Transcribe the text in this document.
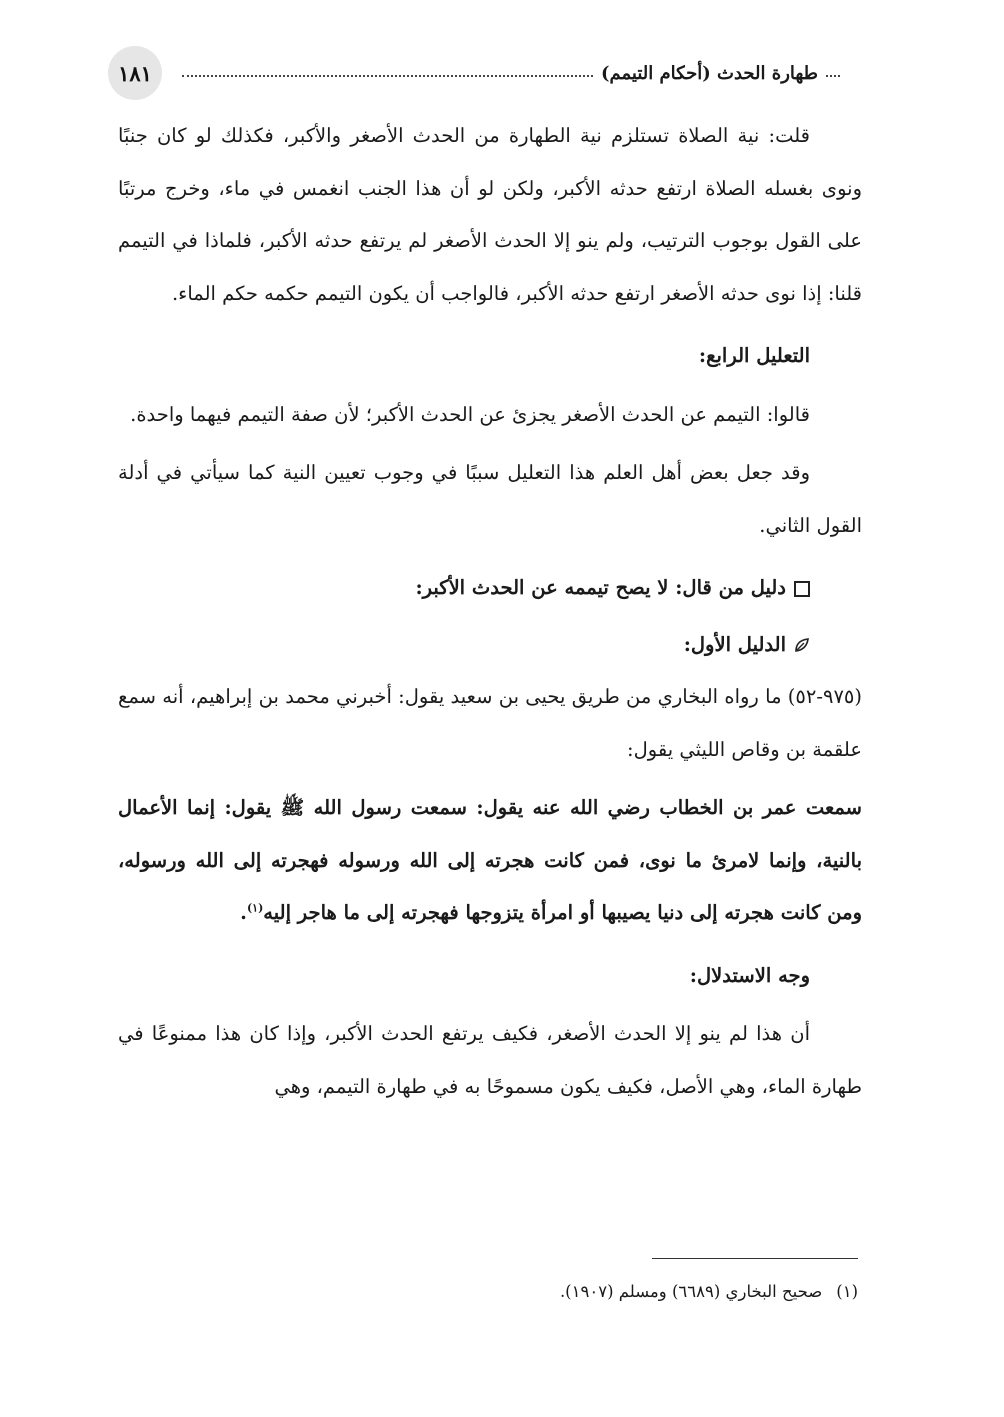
١٨١	طهارة الحدث (أحكام التيمم)

قلت: نية الصلاة تستلزم نية الطهارة من الحدث الأصغر والأكبر، فكذلك لو كان جنبًا ونوى بغسله الصلاة ارتفع حدثه الأكبر، ولكن لو أن هذا الجنب انغمس في ماء، وخرج مرتبًا على القول بوجوب الترتيب، ولم ينو إلا الحدث الأصغر لم يرتفع حدثه الأكبر، فلماذا في التيمم قلنا: إذا نوى حدثه الأصغر ارتفع حدثه الأكبر، فالواجب أن يكون التيمم حكمه حكم الماء.

التعليل الرابع:

قالوا: التيمم عن الحدث الأصغر يجزئ عن الحدث الأكبر؛ لأن صفة التيمم فيهما واحدة.

وقد جعل بعض أهل العلم هذا التعليل سببًا في وجوب تعيين النية كما سيأتي في أدلة القول الثاني.

دليل من قال: لا يصح تيممه عن الحدث الأكبر:

الدليل الأول:

(٩٧٥-٥٢) ما رواه البخاري من طريق يحيى بن سعيد يقول: أخبرني محمد بن إبراهيم، أنه سمع علقمة بن وقاص الليثي يقول:

سمعت عمر بن الخطاب رضي الله عنه يقول: سمعت رسول الله ﷺ يقول: إنما الأعمال بالنية، وإنما لامرئ ما نوى، فمن كانت هجرته إلى الله ورسوله فهجرته إلى الله ورسوله، ومن كانت هجرته إلى دنيا يصيبها أو امرأة يتزوجها فهجرته إلى ما هاجر إليه$^{(١)}$.

وجه الاستدلال:

أن هذا لم ينو إلا الحدث الأصغر، فكيف يرتفع الحدث الأكبر، وإذا كان هذا ممنوعًا في طهارة الماء، وهي الأصل، فكيف يكون مسموحًا به في طهارة التيمم، وهي

(١)صحيح البخاري (٦٦٨٩) ومسلم (١٩٠٧).
